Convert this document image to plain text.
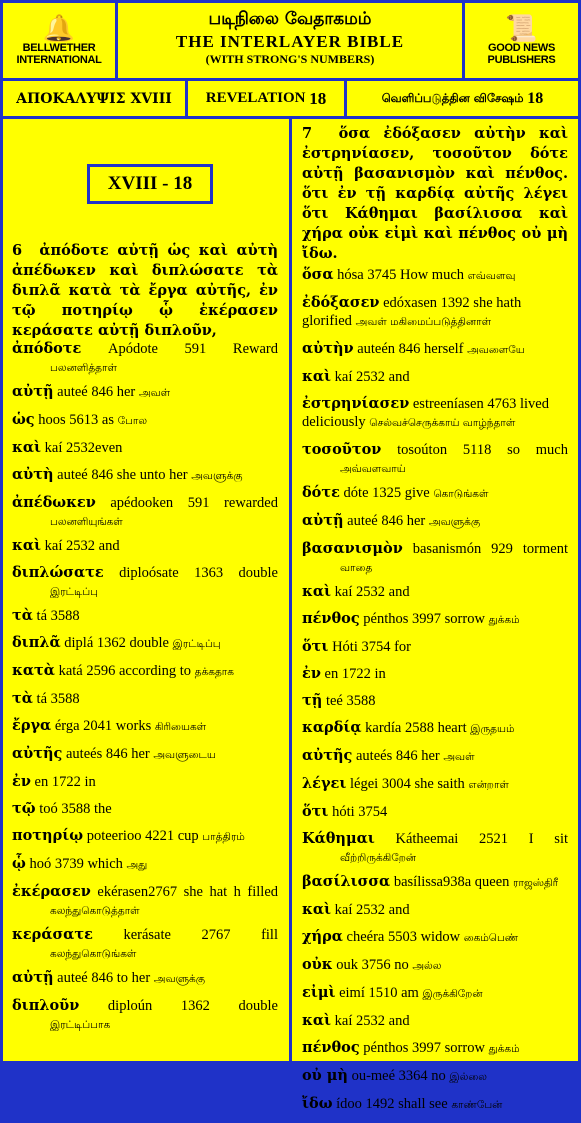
🔔
BELLWETHER INTERNATIONAL
படிநிலை வேதாகமம்
THE INTERLAYER BIBLE
(WITH STRONG'S NUMBERS)
📜
GOOD NEWS PUBLISHERS
ΑΠΟΚΑΛΥΨΙΣ XVIII	REVELATION
18	வெளிப்படுத்தின விசேஷம்
18
XVIII - 18
6 ἀπόδοτε αὐτῇ ὡς καὶ αὐτὴ ἀπέδωκεν καὶ διπλώσατε τὰ διπλᾶ κατὰ τὰ ἔργα αὐτῆς, ἐν τῷ ποτηρίῳ ᾧ ἐκέρασεν κεράσατε αὐτῇ διπλοῦν,
ἀπόδοτε Apódote 591 Reward
பலனளித்தாள்
αὐτῇ auteé 846 her அவள்
ὡς hoos 5613 as போல
καὶ kaí 2532even
αὐτὴ auteé 846 she unto her அவளுக்கு
ἀπέδωκεν apédooken 591 rewarded
பலனளியுங்கள்
καὶ kaí 2532 and
διπλώσατε diploósate 1363 double
இரட்டிப்பு
τὰ tá 3588
διπλᾶ diplá 1362 double இரட்டிப்பு
κατὰ katá 2596 according to தக்கதாக
τὰ tá 3588
ἔργα érga 2041 works கிரியைகள்
αὐτῆς auteés 846 her அவளுடைய
ἐν en 1722 in
τῷ toó 3588 the
ποτηρίῳ poteerioo 4221 cup பாத்திரம்
ᾧ hoó 3739 which அது
ἐκέρασεν ekérasen2767 she hat h filled
கலந்துகொடுத்தாள்
κεράσατε kerásate 2767 fill
கலந்துகொடுங்கள்
αὐτῇ auteé 846 to her அவளுக்கு
διπλοῦν diploún 1362 double
இரட்டிப்பாக
7 ὅσα ἐδόξασεν αὐτὴν καὶ ἐστρηνίασεν, τοσοῦτον δότε αὐτῇ βασανισμὸν καὶ πένθος. ὅτι ἐν τῇ καρδίᾳ αὐτῆς λέγει ὅτι Κάθημαι βασίλισσα καὶ χήρα οὐκ εἰμὶ καὶ πένθος οὐ μὴ ἴδω.
ὅσα hósa 3745 How much எவ்வளவு
ἐδόξασεν edóxasen 1392 she hath glorified அவள் மகிமைப்படுத்தினாள்
αὐτὴν auteén 846 herself அவளையே
καὶ kaí 2532 and
ἐστρηνίασεν estreeníasen 4763 lived deliciously செல்வச்செருக்காய் வாழ்ந்தாள்
τοσοῦτον tosoúton 5118 so much
அவ்வளவாய்
δότε dóte 1325 give கொடுங்கள்
αὐτῇ auteé 846 her அவளுக்கு
βασανισμὸν basanismón 929 torment
வாதை
καὶ kaí 2532 and
πένθος pénthos 3997 sorrow துக்கம்
ὅτι Hóti 3754 for
ἐν en 1722 in
τῇ teé 3588
καρδίᾳ kardía 2588 heart இருதயம்
αὐτῆς auteés 846 her அவள்
λέγει légei 3004 she saith என்றாள்
ὅτι hóti 3754
Κάθημαι Kátheemai 2521 I sit
வீற்றிருக்கிறேன்
βασίλισσα basílissa938a queen ராஜஸ்திரீ
καὶ kaí 2532 and
χήρα cheéra 5503 widow கைம்பெண்
οὐκ ouk 3756 no அல்ல
εἰμὶ eimí 1510 am இருக்கிறேன்
καὶ kaí 2532 and
πένθος pénthos 3997 sorrow துக்கம்
οὐ μὴ ou-meé 3364 no இல்லை
ἴδω ídoo 1492 shall see காண்பேன்
